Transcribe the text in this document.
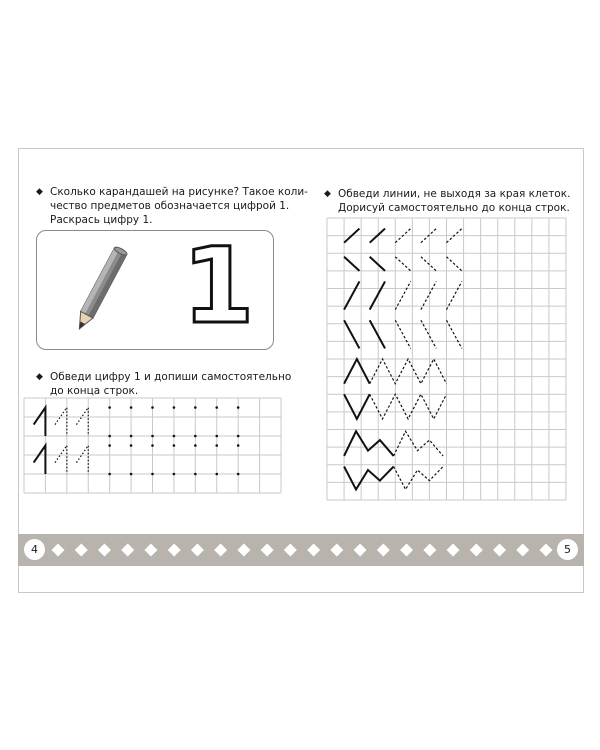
◆ Сколько карандашей на рисунке? Такое коли-
чество предметов обозначается цифрой 1.
Раскрась цифру 1.
1
◆ Обведи цифру 1 и допиши самостоятельно
до конца строк.
◆ Обведи линии, не выходя за края клеток.
Дорисуй самостоятельно до конца строк.
4	5
